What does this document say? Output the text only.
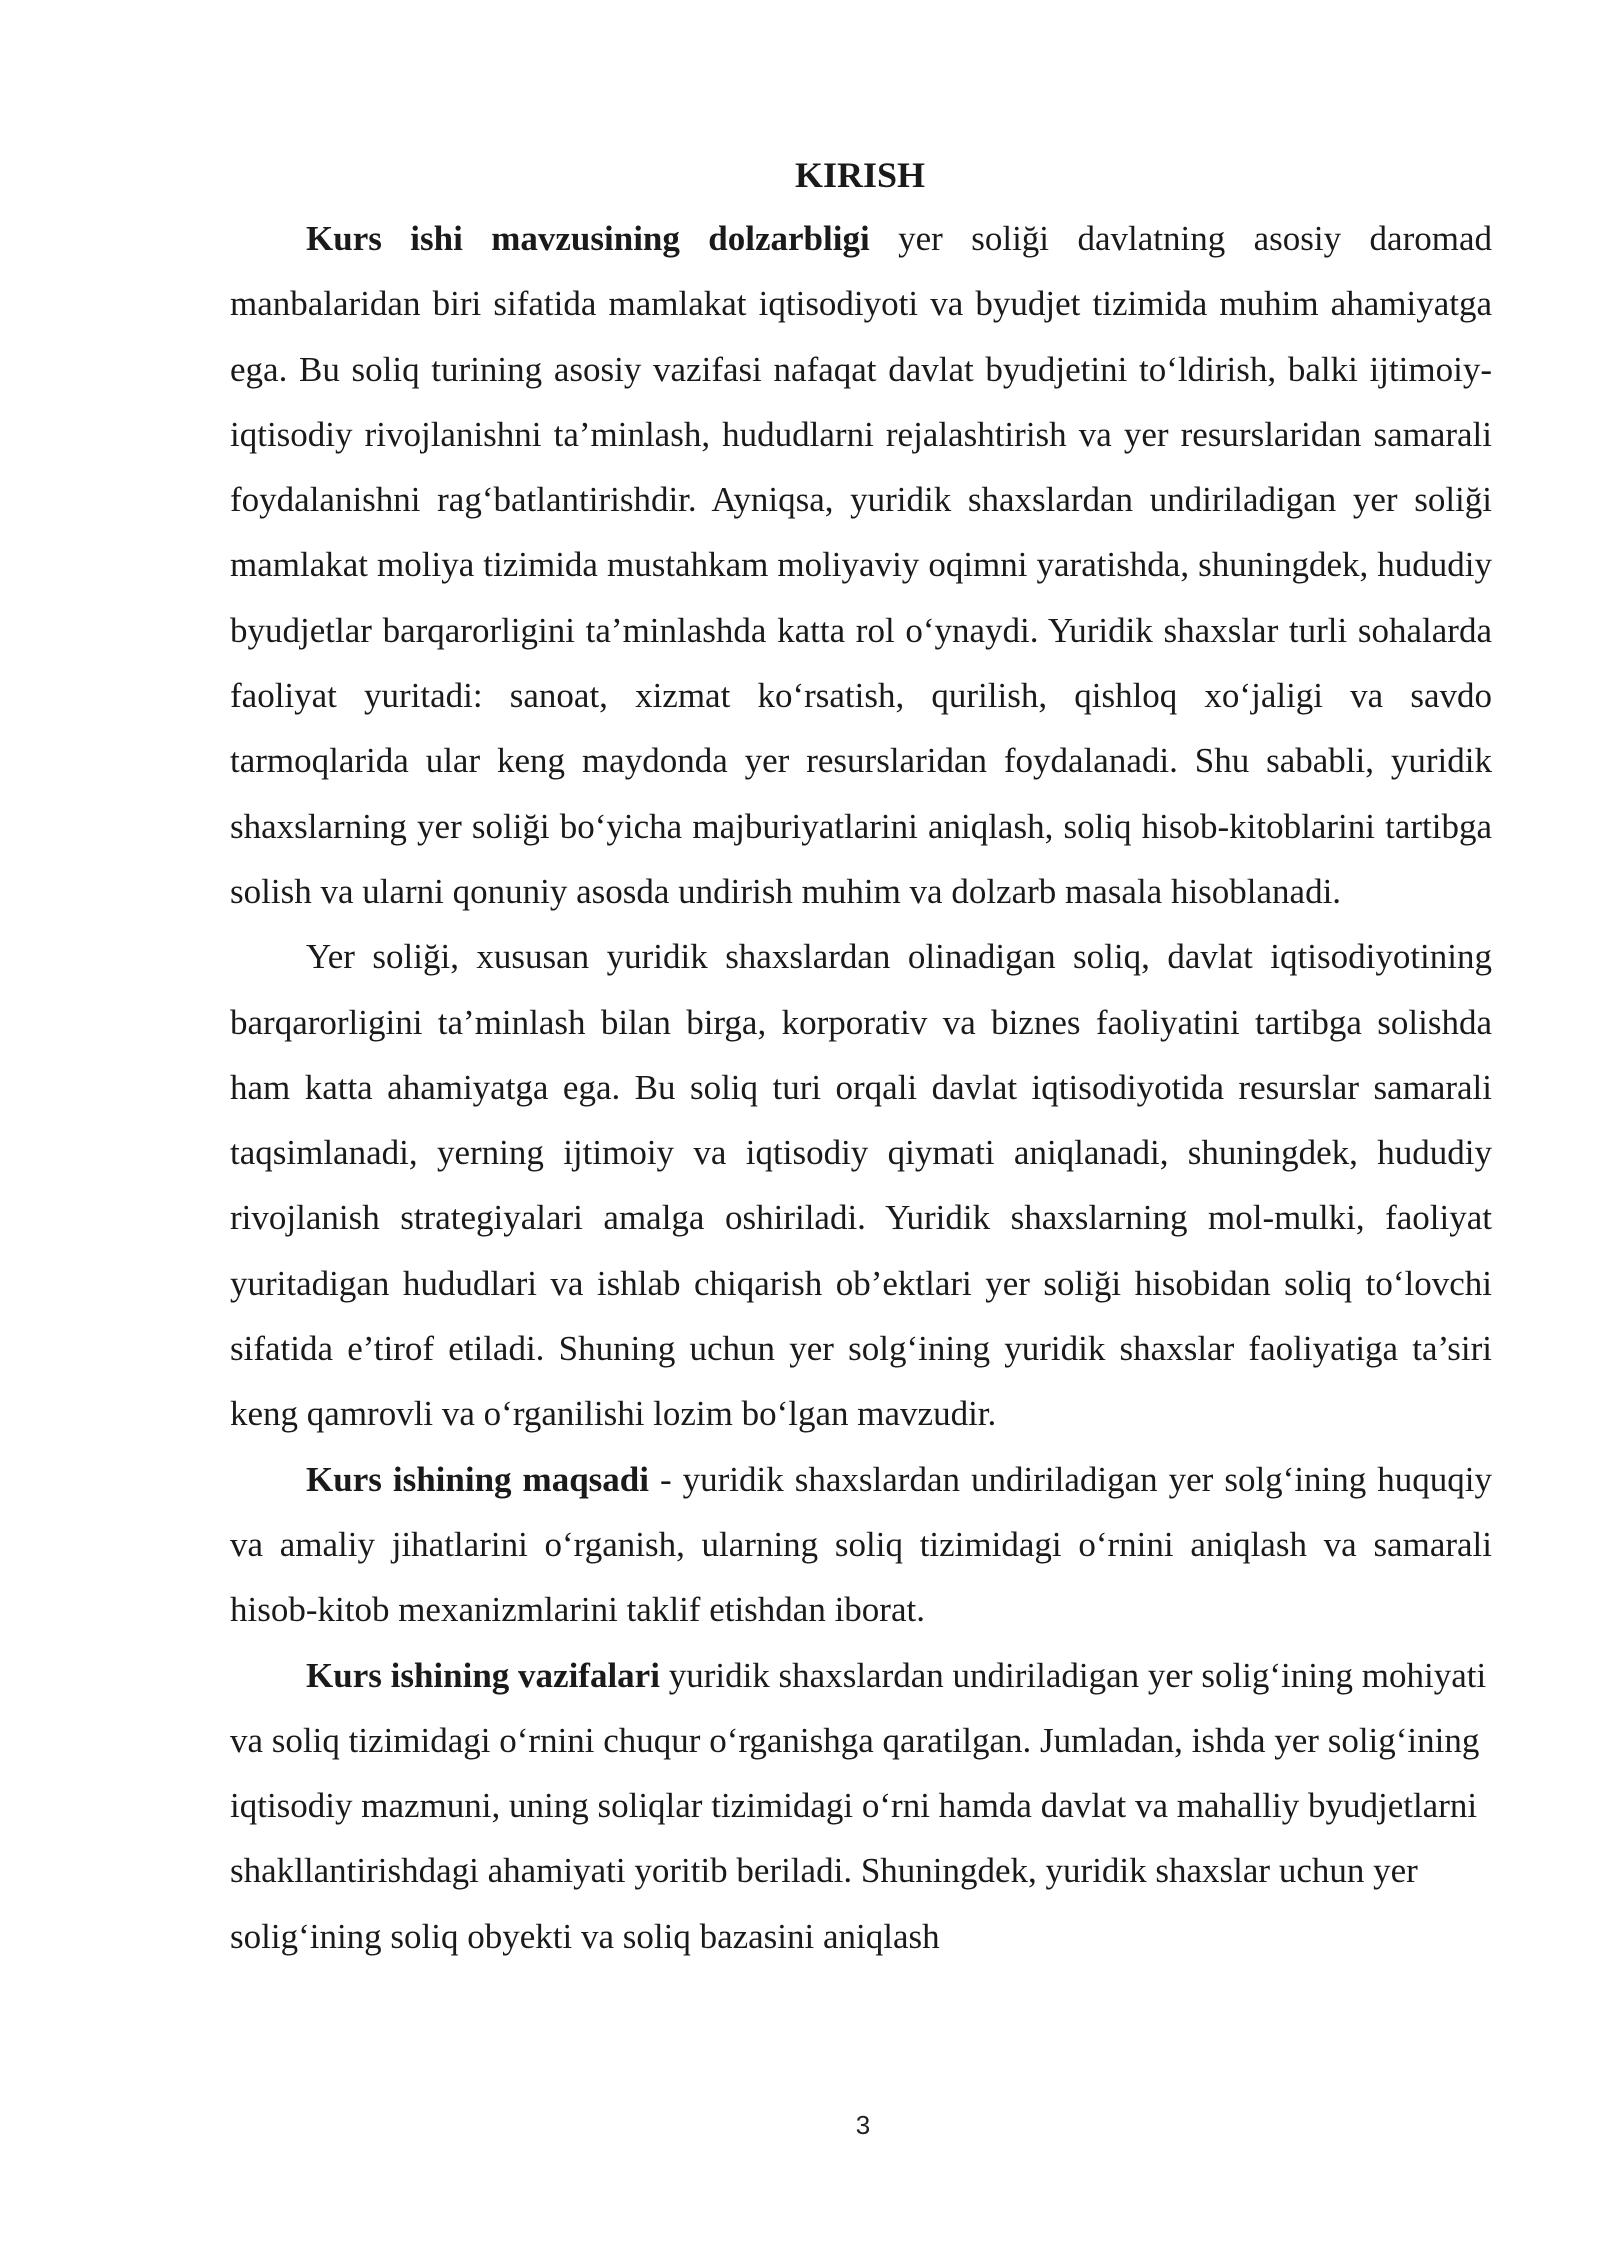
KIRISH

Kurs ishi mavzusining dolzarbligi yer soliği davlatning asosiy daromad manbalaridan biri sifatida mamlakat iqtisodiyoti va byudjet tizimida muhim ahamiyatga ega. Bu soliq turining asosiy vazifasi nafaqat davlat byudjetini to‘ldirish, balki ijtimoiy-iqtisodiy rivojlanishni ta’minlash, hududlarni rejalashtirish va yer resurslaridan samarali foydalanishni rag‘batlantirishdir. Ayniqsa, yuridik shaxslardan undiriladigan yer soliği mamlakat moliya tizimida mustahkam moliyaviy oqimni yaratishda, shuningdek, hududiy byudjetlar barqarorligini ta’minlashda katta rol o‘ynaydi. Yuridik shaxslar turli sohalarda faoliyat yuritadi: sanoat, xizmat ko‘rsatish, qurilish, qishloq xo‘jaligi va savdo tarmoqlarida ular keng maydonda yer resurslaridan foydalanadi. Shu sababli, yuridik shaxslarning yer soliği bo‘yicha majburiyatlarini aniqlash, soliq hisob-kitoblarini tartibga solish va ularni qonuniy asosda undirish muhim va dolzarb masala hisoblanadi.

Yer soliği, xususan yuridik shaxslardan olinadigan soliq, davlat iqtisodiyotining barqarorligini ta’minlash bilan birga, korporativ va biznes faoliyatini tartibga solishda ham katta ahamiyatga ega. Bu soliq turi orqali davlat iqtisodiyotida resurslar samarali taqsimlanadi, yerning ijtimoiy va iqtisodiy qiymati aniqlanadi, shuningdek, hududiy rivojlanish strategiyalari amalga oshiriladi. Yuridik shaxslarning mol-mulki, faoliyat yuritadigan hududlari va ishlab chiqarish ob’ektlari yer soliği hisobidan soliq to‘lovchi sifatida e’tirof etiladi. Shuning uchun yer solg‘ining yuridik shaxslar faoliyatiga ta’siri keng qamrovli va o‘rganilishi lozim bo‘lgan mavzudir.

Kurs ishining maqsadi - yuridik shaxslardan undiriladigan yer solg‘ining huquqiy va amaliy jihatlarini o‘rganish, ularning soliq tizimidagi o‘rnini aniqlash va samarali hisob-kitob mexanizmlarini taklif etishdan iborat.

Kurs ishining vazifalari yuridik shaxslardan undiriladigan yer solig‘ining mohiyati va soliq tizimidagi o‘rnini chuqur o‘rganishga qaratilgan. Jumladan, ishda yer solig‘ining iqtisodiy mazmuni, uning soliqlar tizimidagi o‘rni hamda davlat va mahalliy byudjetlarni shakllantirishdagi ahamiyati yoritib beriladi. Shuningdek, yuridik shaxslar uchun yer solig‘ining soliq obyekti va soliq bazasini aniqlash

3
